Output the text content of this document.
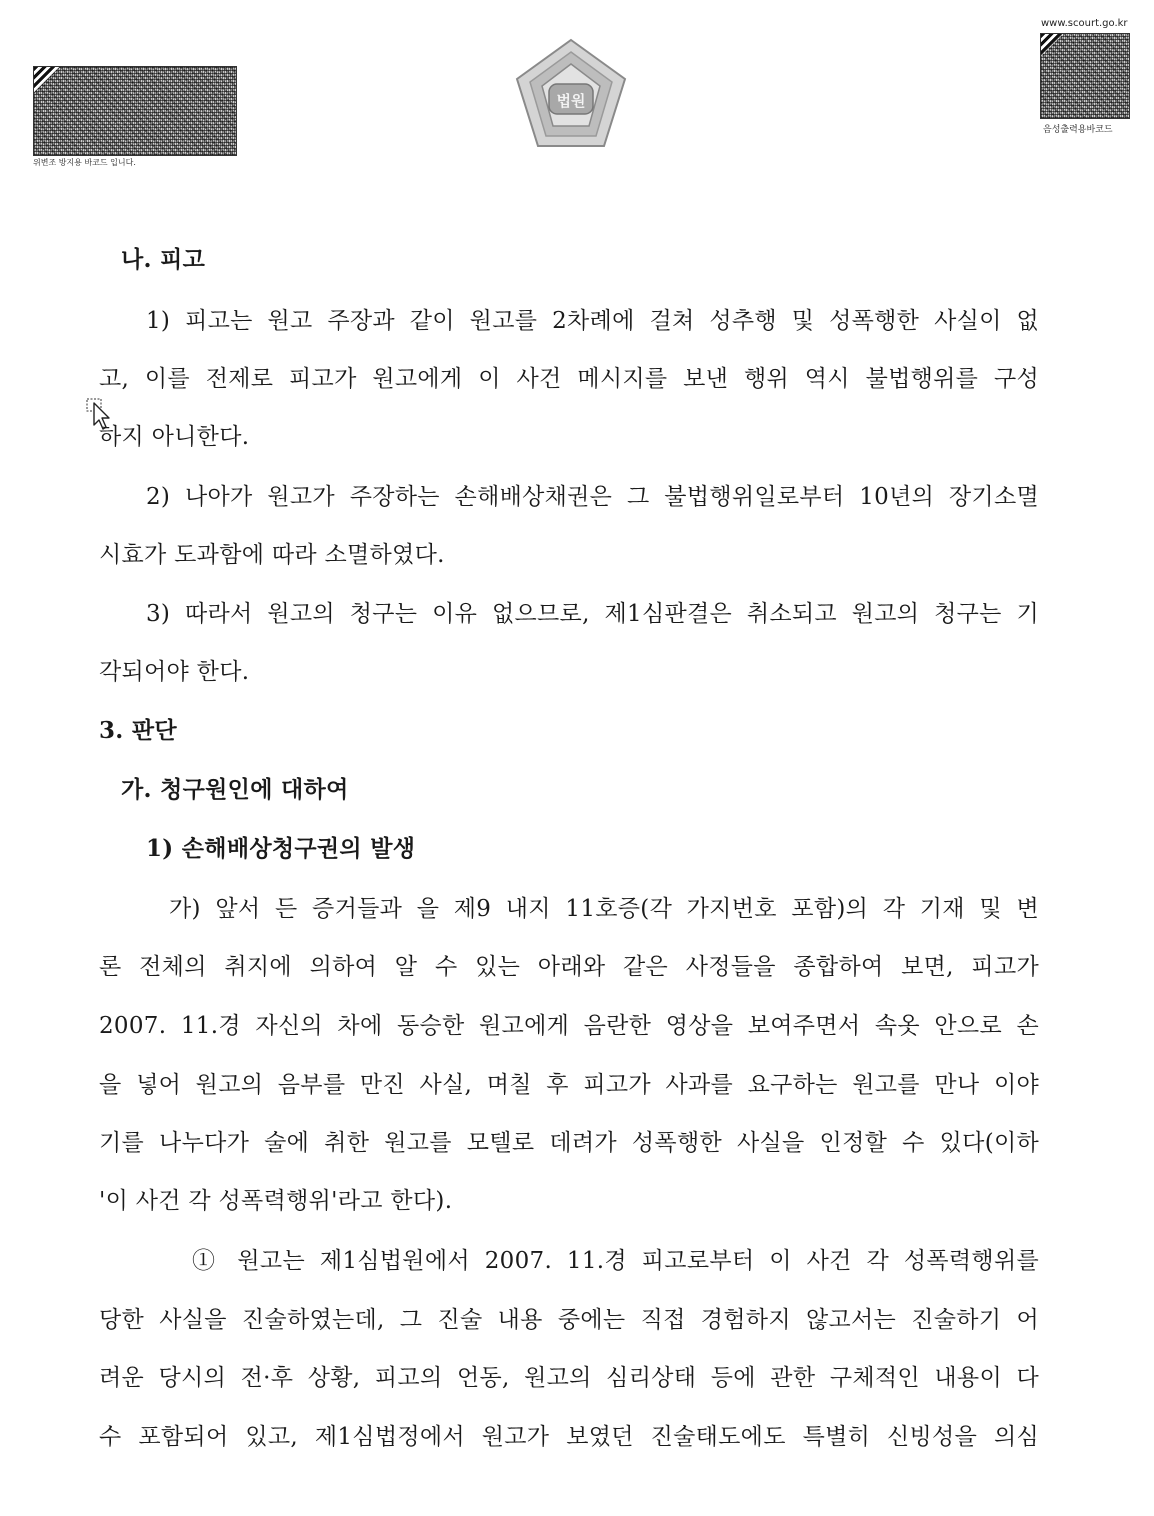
위변조 방지용 바코드 입니다.
법원
www.scourt.go.kr
음성출력용바코드
나. 피고
1) 피고는 원고 주장과 같이 원고를 2차례에 걸쳐 성추행 및 성폭행한 사실이 없
고, 이를 전제로 피고가 원고에게 이 사건 메시지를 보낸 행위 역시 불법행위를 구성
하지 아니한다.
2) 나아가 원고가 주장하는 손해배상채권은 그 불법행위일로부터 10년의 장기소멸
시효가 도과함에 따라 소멸하였다.
3) 따라서 원고의 청구는 이유 없으므로, 제1심판결은 취소되고 원고의 청구는 기
각되어야 한다.
3. 판단
가. 청구원인에 대하여
1) 손해배상청구권의 발생
가) 앞서 든 증거들과 을 제9 내지 11호증(각 가지번호 포함)의 각 기재 및 변
론 전체의 취지에 의하여 알 수 있는 아래와 같은 사정들을 종합하여 보면, 피고가
2007. 11.경 자신의 차에 동승한 원고에게 음란한 영상을 보여주면서 속옷 안으로 손
을 넣어 원고의 음부를 만진 사실, 며칠 후 피고가 사과를 요구하는 원고를 만나 이야
기를 나누다가 술에 취한 원고를 모텔로 데려가 성폭행한 사실을 인정할 수 있다(이하
'이 사건 각 성폭력행위'라고 한다).
① 원고는 제1심법원에서 2007. 11.경 피고로부터 이 사건 각 성폭력행위를
당한 사실을 진술하였는데, 그 진술 내용 중에는 직접 경험하지 않고서는 진술하기 어
려운 당시의 전·후 상황, 피고의 언동, 원고의 심리상태 등에 관한 구체적인 내용이 다
수 포함되어 있고, 제1심법정에서 원고가 보였던 진술태도에도 특별히 신빙성을 의심
